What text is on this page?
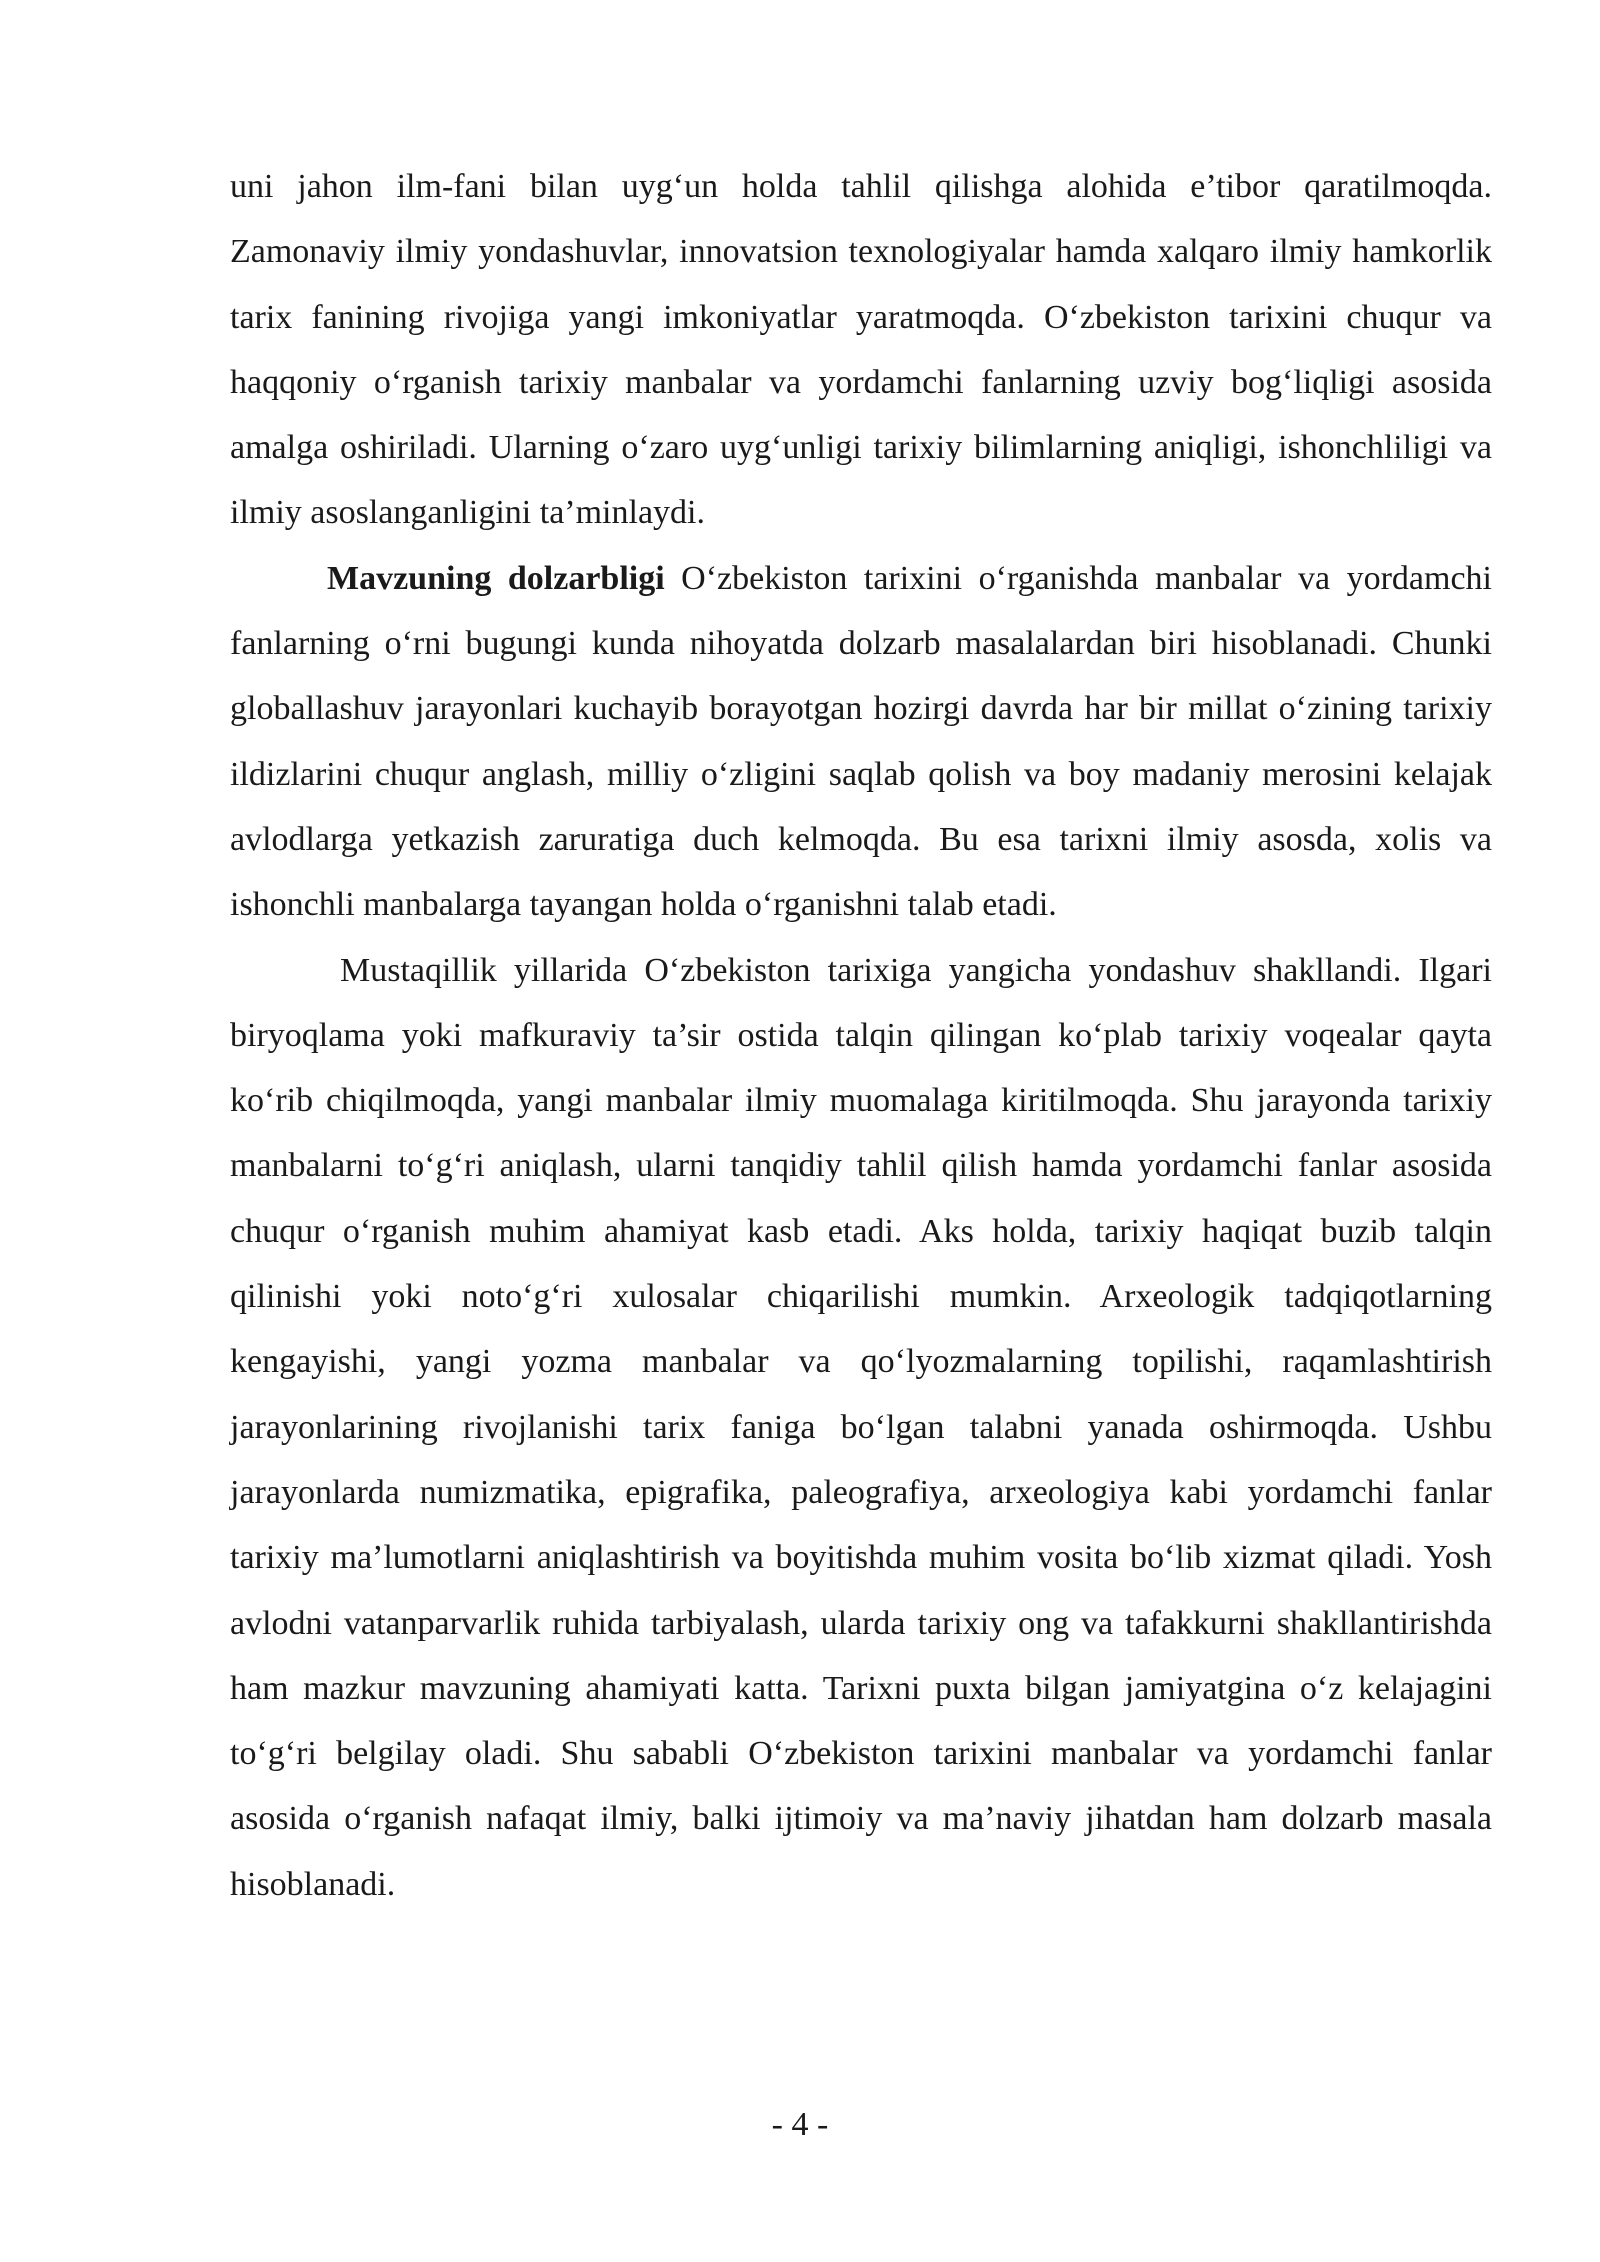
uni jahon ilm-fani bilan uyg‘un holda tahlil qilishga alohida e’tibor qaratilmoqda. Zamonaviy ilmiy yondashuvlar, innovatsion texnologiyalar hamda xalqaro ilmiy hamkorlik tarix fanining rivojiga yangi imkoniyatlar yaratmoqda. O‘zbekiston tarixini chuqur va haqqoniy o‘rganish tarixiy manbalar va yordamchi fanlarning uzviy bog‘liqligi asosida amalga oshiriladi. Ularning o‘zaro uyg‘unligi tarixiy bilimlarning aniqligi, ishonchliligi va ilmiy asoslanganligini ta’minlaydi.

Mavzuning dolzarbligi O‘zbekiston tarixini o‘rganishda manbalar va yordamchi fanlarning o‘rni bugungi kunda nihoyatda dolzarb masalalardan biri hisoblanadi. Chunki globallashuv jarayonlari kuchayib borayotgan hozirgi davrda har bir millat o‘zining tarixiy ildizlarini chuqur anglash, milliy o‘zligini saqlab qolish va boy madaniy merosini kelajak avlodlarga yetkazish zaruratiga duch kelmoqda. Bu esa tarixni ilmiy asosda, xolis va ishonchli manbalarga tayangan holda o‘rganishni talab etadi.

Mustaqillik yillarida O‘zbekiston tarixiga yangicha yondashuv shakllandi. Ilgari biryoqlama yoki mafkuraviy ta’sir ostida talqin qilingan ko‘plab tarixiy voqealar qayta ko‘rib chiqilmoqda, yangi manbalar ilmiy muomalaga kiritilmoqda. Shu jarayonda tarixiy manbalarni to‘g‘ri aniqlash, ularni tanqidiy tahlil qilish hamda yordamchi fanlar asosida chuqur o‘rganish muhim ahamiyat kasb etadi. Aks holda, tarixiy haqiqat buzib talqin qilinishi yoki noto‘g‘ri xulosalar chiqarilishi mumkin. Arxeologik tadqiqotlarning kengayishi, yangi yozma manbalar va qo‘lyozmalarning topilishi, raqamlashtirish jarayonlarining rivojlanishi tarix faniga bo‘lgan talabni yanada oshirmoqda. Ushbu jarayonlarda numizmatika, epigrafika, paleografiya, arxeologiya kabi yordamchi fanlar tarixiy ma’lumotlarni aniqlashtirish va boyitishda muhim vosita bo‘lib xizmat qiladi. Yosh avlodni vatanparvarlik ruhida tarbiyalash, ularda tarixiy ong va tafakkurni shakllantirishda ham mazkur mavzuning ahamiyati katta. Tarixni puxta bilgan jamiyatgina o‘z kelajagini to‘g‘ri belgilay oladi. Shu sababli O‘zbekiston tarixini manbalar va yordamchi fanlar asosida o‘rganish nafaqat ilmiy, balki ijtimoiy va ma’naviy jihatdan ham dolzarb masala hisoblanadi.

- 4 -
